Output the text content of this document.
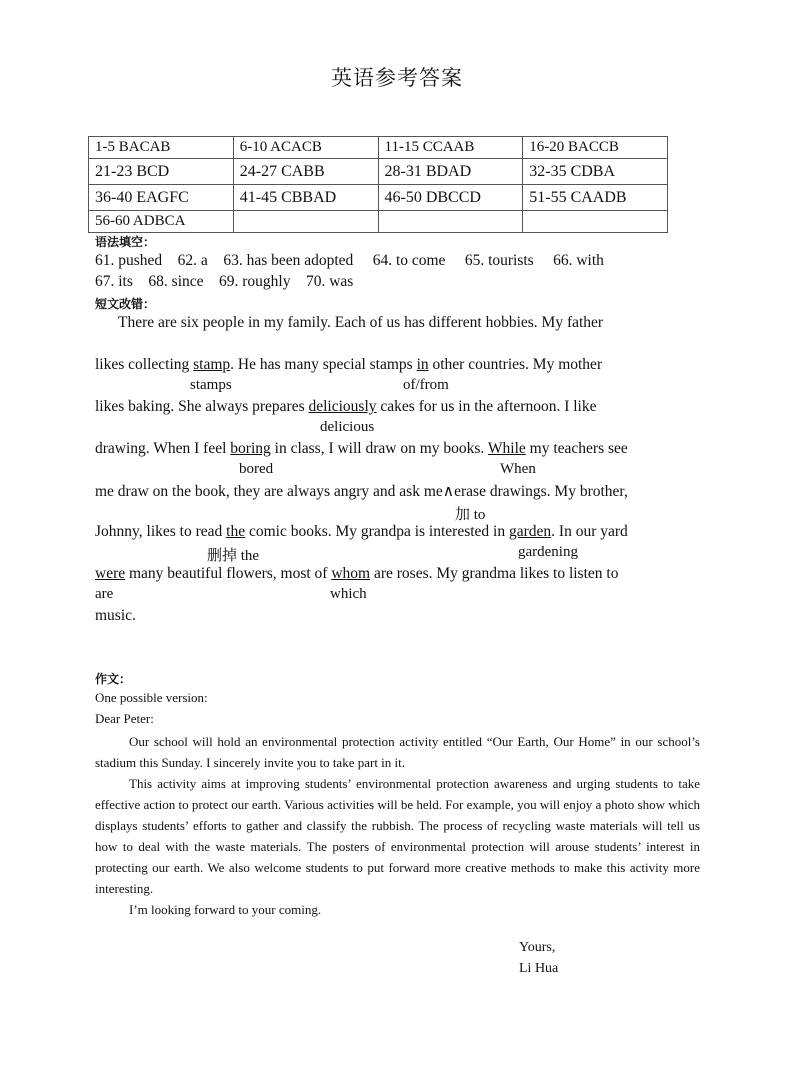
英语参考答案
1-5 BACAB	6-10 ACACB	11-15 CCAAB	16-20 BACCB
21-23 BCD	24-27 CABB	28-31 BDAD	32-35 CDBA
36-40 EAGFC	41-45 CBBAD	46-50 DBCCD	51-55 CAADB
56-60 ADBCA			
语法填空：
61. pushed 62. a 63. has been adopted 64. to come 65. tourists 66. with
67. its 68. since 69. roughly 70. was
短文改错：
There are six people in my family. Each of us has different hobbies. My father
likes collecting stamp. He has many special stamps in other countries. My mother
stamps	of/from
likes baking. She always prepares deliciously cakes for us in the afternoon. I like
delicious
drawing. When I feel boring in class, I will draw on my books. While my teachers see
bored	When
me draw on the book, they are always angry and ask me∧erase drawings. My brother,
加 to
Johnny, likes to read the comic books. My grandpa is interested in garden. In our yard
删掉 the	gardening
were many beautiful flowers, most of whom are roses. My grandma likes to listen to
are	which
music.
作文：
One possible version:
Dear Peter:

Our school will hold an environmental protection activity entitled “Our Earth, Our Home” in our school’s stadium this Sunday. I sincerely invite you to take part in it.

This activity aims at improving students’ environmental protection awareness and urging students to take effective action to protect our earth. Various activities will be held. For example, you will enjoy a photo show which displays students’ efforts to gather and classify the rubbish. The process of recycling waste materials will tell us how to deal with the waste materials. The posters of environmental protection will arouse students’ interest in protecting our earth. We also welcome students to put forward more creative methods to make this activity more interesting.

I’m looking forward to your coming.

Yours,
Li Hua
